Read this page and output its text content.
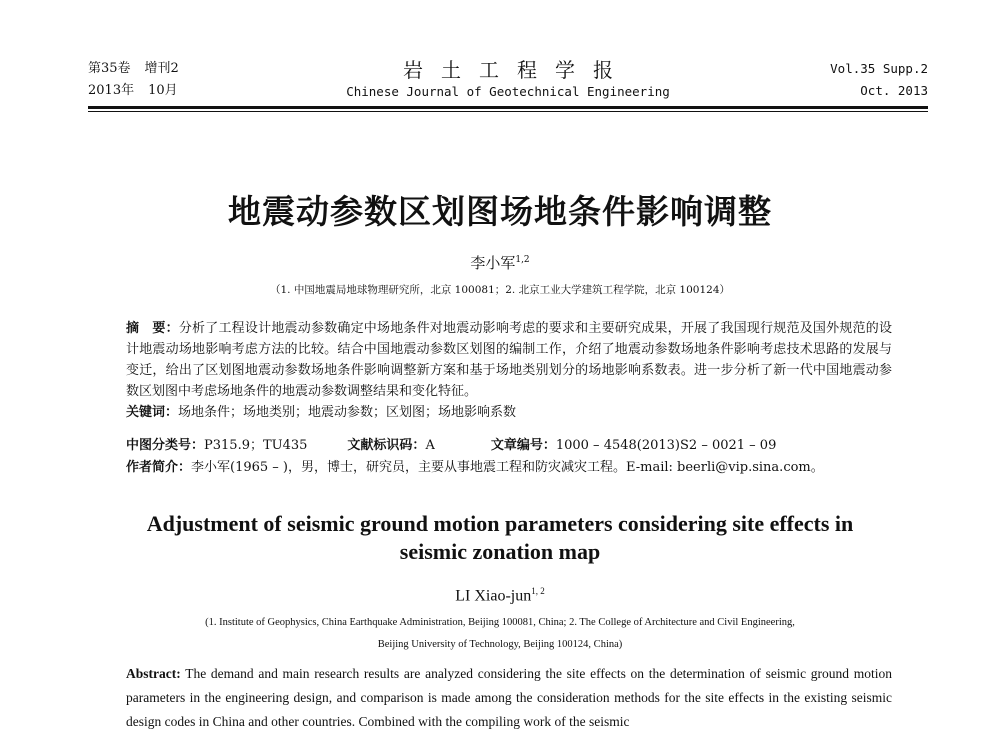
第35卷 增刊2
2013年 10月
岩土工程学报
Chinese Journal of Geotechnical Engineering
Vol.35 Supp.2
Oct. 2013
地震动参数区划图场地条件影响调整
李小军$^{1,2}$
（1. 中国地震局地球物理研究所，北京 100081；2. 北京工业大学建筑工程学院，北京 100124）
摘　要：分析了工程设计地震动参数确定中场地条件对地震动影响考虑的要求和主要研究成果，开展了我国现行规范及国外规范的设计地震动场地影响考虑方法的比较。结合中国地震动参数区划图的编制工作，介绍了地震动参数场地条件影响考虑技术思路的发展与变迁，给出了区划图地震动参数场地条件影响调整新方案和基于场地类别划分的场地影响系数表。进一步分析了新一代中国地震动参数区划图中考虑场地条件的地震动参数调整结果和变化特征。
关键词：场地条件；场地类别；地震动参数；区划图；场地影响系数
中图分类号：P315.9；TU435	文献标识码：A	文章编号：1000 – 4548(2013)S2 – 0021 – 09
作者简介：李小军(1965 – )，男，博士，研究员，主要从事地震工程和防灾减灾工程。E-mail: beerli@vip.sina.com。
Adjustment of seismic ground motion parameters considering site effects in seismic zonation map
LI Xiao-jun$^{1, 2}$
(1. Institute of Geophysics, China Earthquake Administration, Beijing 100081, China; 2. The College of Architecture and Civil Engineering,
Beijing University of Technology, Beijing 100124, China)
Abstract: The demand and main research results are analyzed considering the site effects on the determination of seismic ground motion parameters in the engineering design, and comparison is made among the consideration methods for the site effects in the existing seismic design codes in China and other countries. Combined with the compiling work of the seismic
